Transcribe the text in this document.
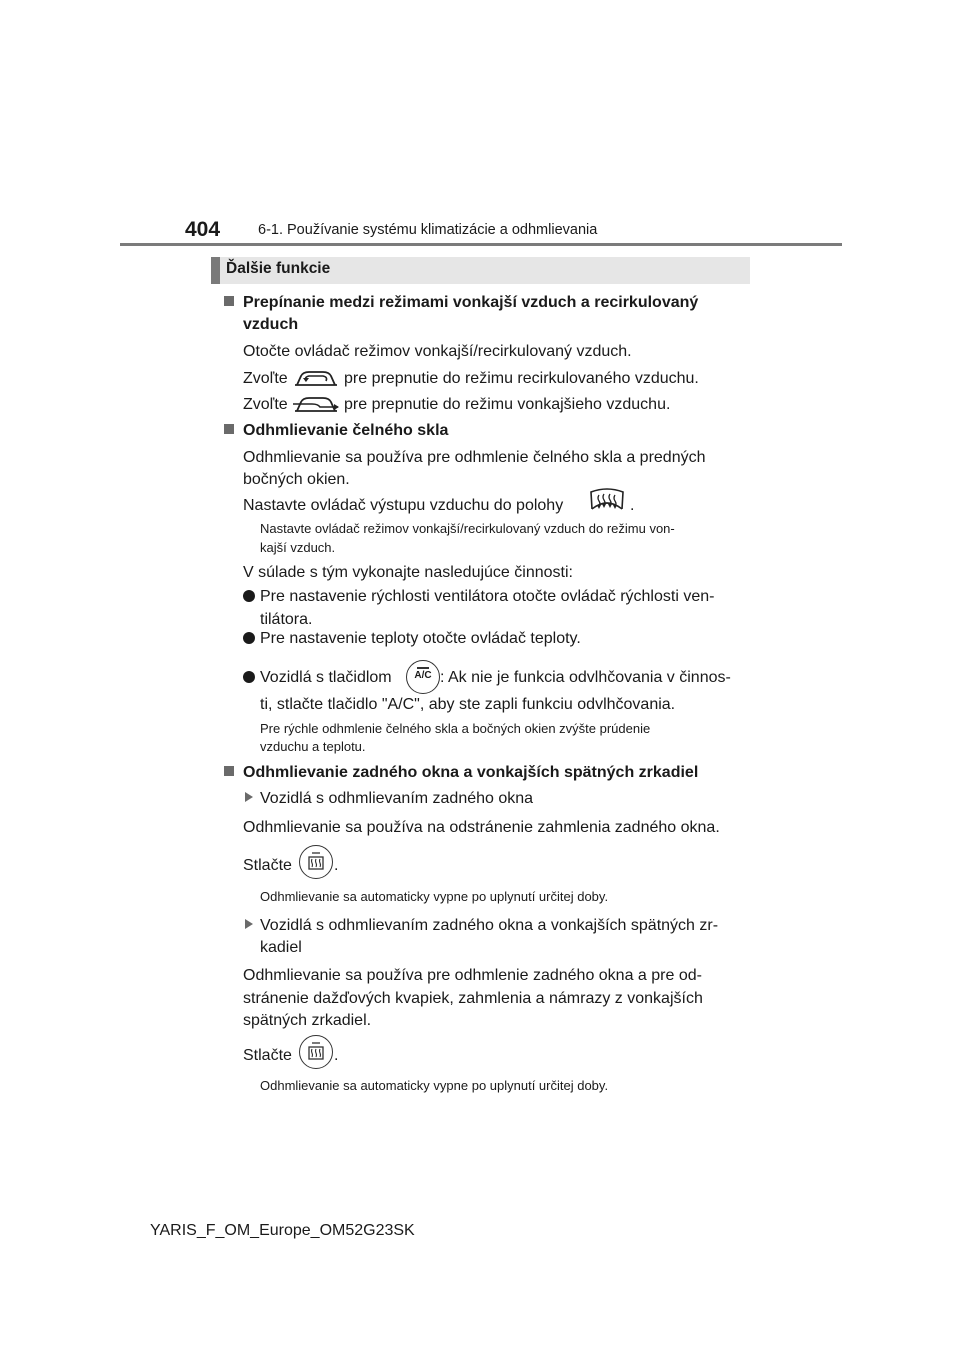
404	6-1. Používanie systému klimatizácie a odhmlievania
Ďalšie funkcie
Prepínanie medzi režimami vonkajší vzduch a recirkulovaný
vzduch
Otočte ovládač režimov vonkajší/recirkulovaný vzduch.
Zvoľte	pre prepnutie do režimu recirkulovaného vzduchu.
Zvoľte	pre prepnutie do režimu vonkajšieho vzduchu.
Odhmlievanie čelného skla
Odhmlievanie sa používa pre odhmlenie čelného skla a predných
bočných okien.
Nastavte ovládač výstupu vzduchu do polohy	.
Nastavte ovládač režimov vonkajší/recirkulovaný vzduch do režimu von-
kajší vzduch.
V súlade s tým vykonajte nasledujúce činnosti:
Pre nastavenie rýchlosti ventilátora otočte ovládač rýchlosti ven-
tilátora.
Pre nastavenie teploty otočte ovládač teploty.
Vozidlá s tlačidlom	A/C : Ak nie je funkcia odvlhčovania v činnos-
ti, stlačte tlačidlo "A/C", aby ste zapli funkciu odvlhčovania.
Pre rýchle odhmlenie čelného skla a bočných okien zvýšte prúdenie
vzduchu a teplotu.
Odhmlievanie zadného okna a vonkajších spätných zrkadiel
Vozidlá s odhmlievaním zadného okna
Odhmlievanie sa používa na odstránenie zahmlenia zadného okna.
Stlačte	.
Odhmlievanie sa automaticky vypne po uplynutí určitej doby.
Vozidlá s odhmlievaním zadného okna a vonkajších spätných zr-
kadiel
Odhmlievanie sa používa pre odhmlenie zadného okna a pre od-
stránenie dažďových kvapiek, zahmlenia a námrazy z vonkajších
spätných zrkadiel.
Stlačte	.
Odhmlievanie sa automaticky vypne po uplynutí určitej doby.
YARIS_F_OM_Europe_OM52G23SK
